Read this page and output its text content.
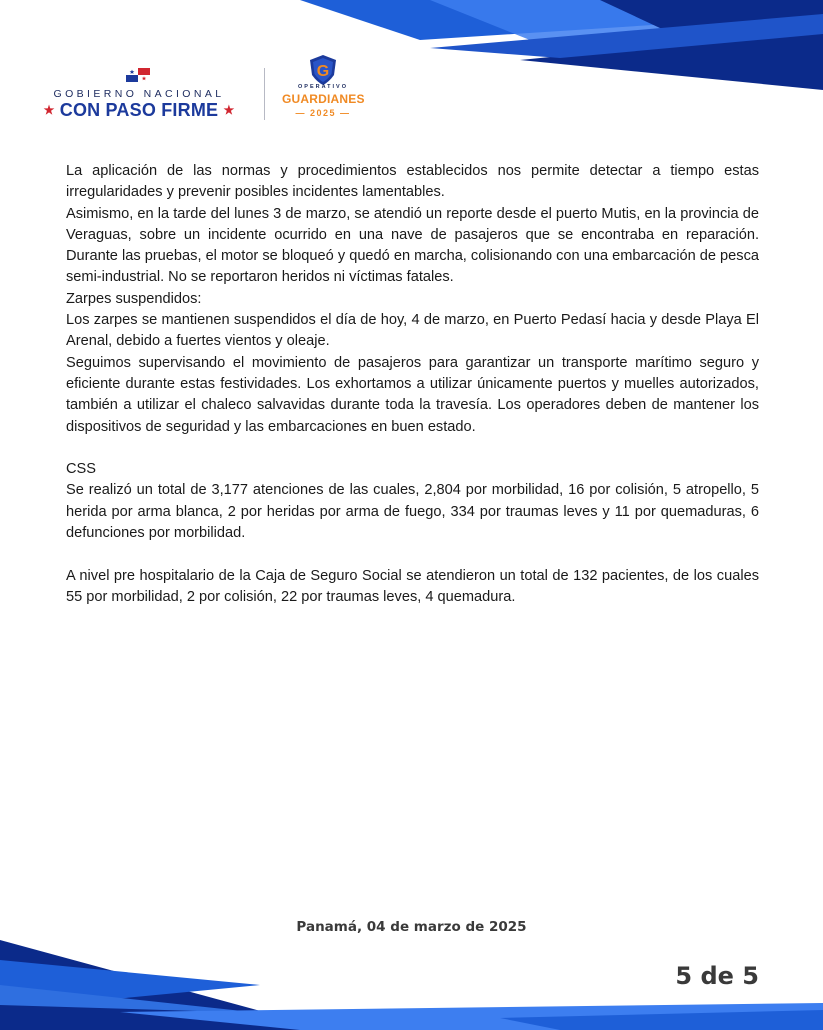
GOBIERNO NACIONAL
★ CON PASO FIRME ★
G
OPERATIVO
GUARDIANES
— 2025 —

La aplicación de las normas y procedimientos establecidos nos permite detectar a tiempo estas irregularidades y prevenir posibles incidentes lamentables.

Asimismo, en la tarde del lunes 3 de marzo, se atendió un reporte desde el puerto Mutis, en la provincia de Veraguas, sobre un incidente ocurrido en una nave de pasajeros que se encontraba en reparación. Durante las pruebas, el motor se bloqueó y quedó en marcha, colisionando con una embarcación de pesca semi-industrial. No se reportaron heridos ni víctimas fatales.

Zarpes suspendidos:

Los zarpes se mantienen suspendidos el día de hoy, 4 de marzo, en Puerto Pedasí hacia y desde Playa El Arenal, debido a fuertes vientos y oleaje.

Seguimos supervisando el movimiento de pasajeros para garantizar un transporte marítimo seguro y eficiente durante estas festividades. Los exhortamos a utilizar únicamente puertos y muelles autorizados, también a utilizar el chaleco salvavidas durante toda la travesía. Los operadores deben de mantener los dispositivos de seguridad y las embarcaciones en buen estado.

CSS

Se realizó un total de 3,177 atenciones de las cuales, 2,804 por morbilidad, 16 por colisión, 5 atropello, 5 herida por arma blanca, 2 por heridas por arma de fuego, 334 por traumas leves y 11 por quemaduras, 6 defunciones por morbilidad.

A nivel pre hospitalario de la Caja de Seguro Social se atendieron un total de 132 pacientes, de los cuales 55 por morbilidad, 2 por colisión, 22 por traumas leves, 4 quemadura.

Panamá, 04 de marzo de 2025
5 de 5
